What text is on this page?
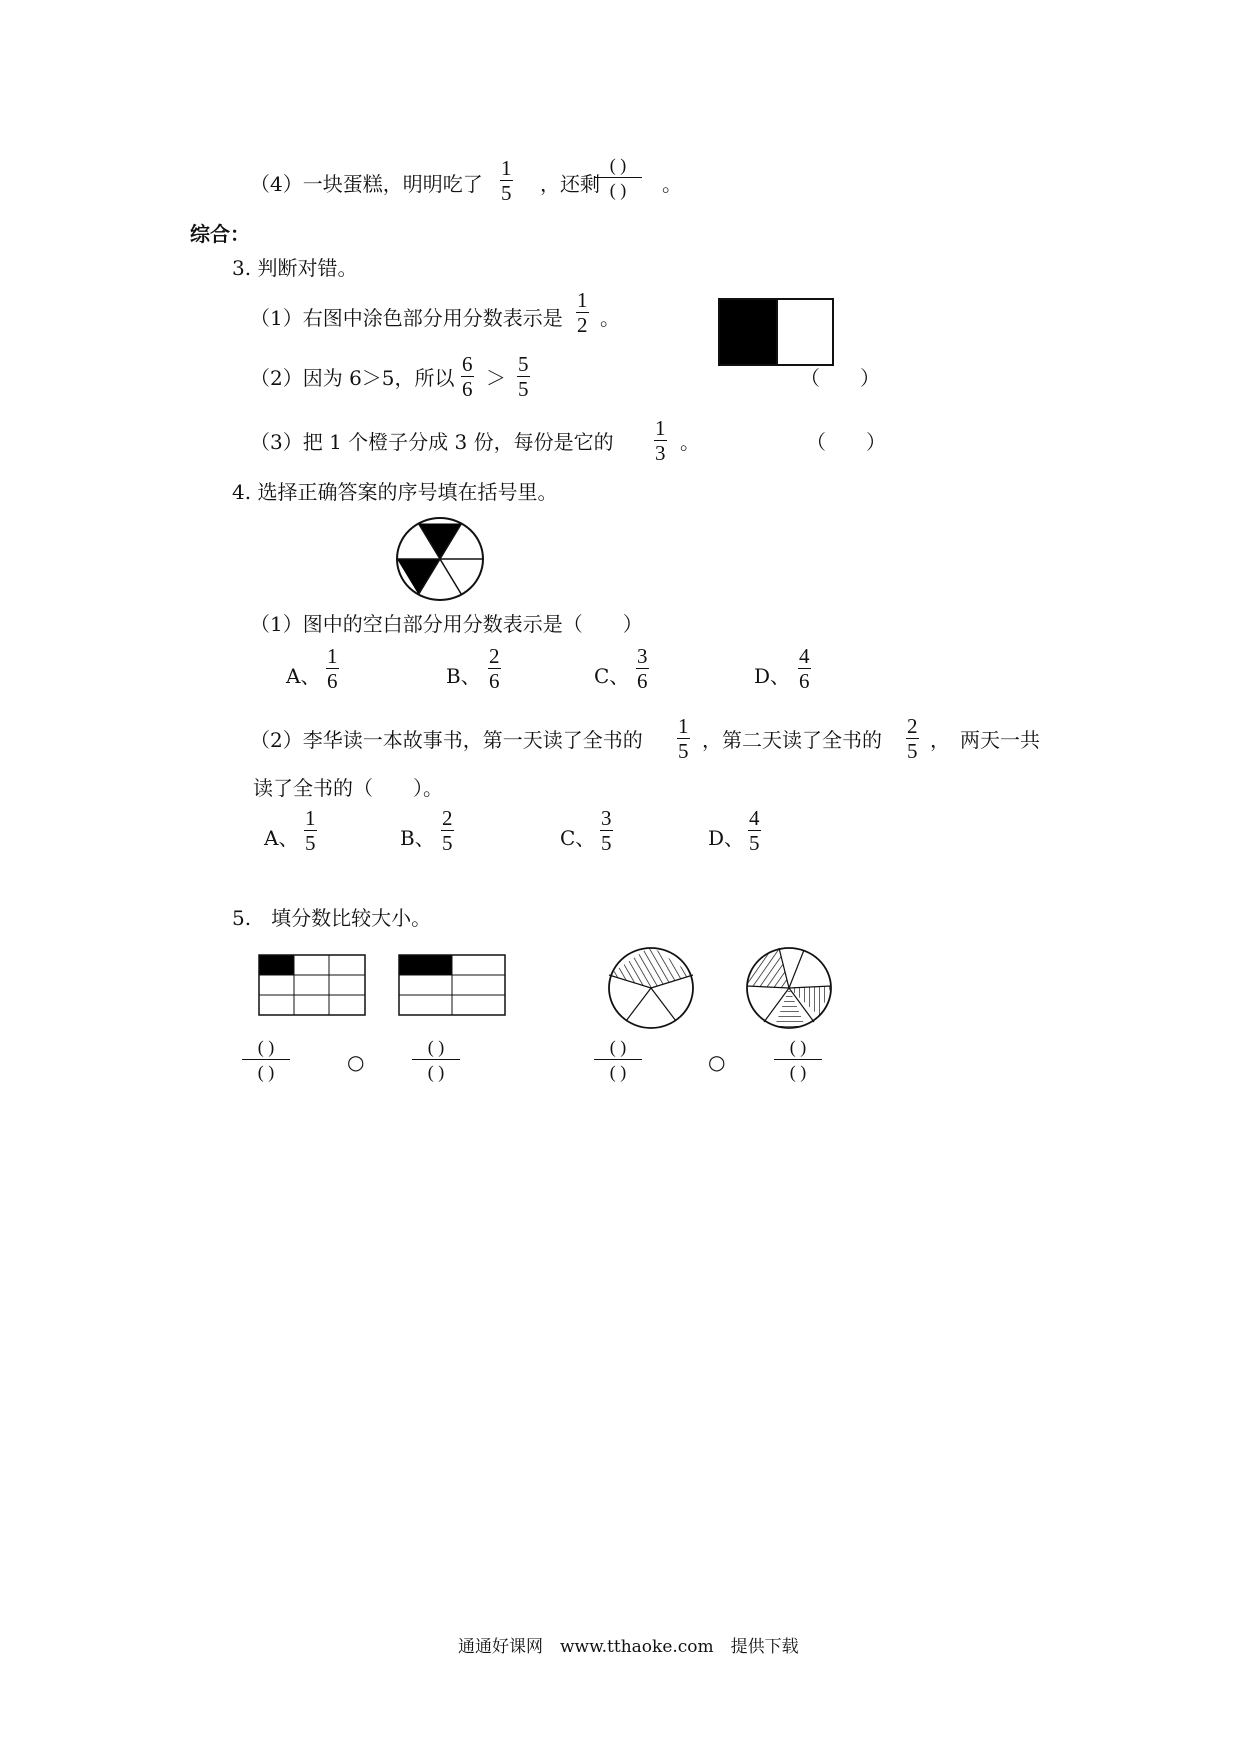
（4）一块蛋糕，明明吃了
1
5 ，还剩
( )
( ) 。
综合：
3. 判断对错。
（1）右图中涂色部分用分数表示是
1
2 。
（2）因为 6＞5，所以
6
6 ＞
5
5	（　　）
（3）把 1 个橙子分成 3 份，每份是它的
1
3 。	（　　）
4. 选择正确答案的序号填在括号里。
（1）图中的空白部分用分数表示是（　　）
A、
1
6	B、
2
6	C、
3
6	D、
4
6
（2）李华读一本故事书，第一天读了全书的
1
5 ，第二天读了全书的
2
5 ，　两天一共
读了全书的（　　）。
A、
1
5	B、
2
5	C、
3
5	D、
4
5
5.　填分数比较大小。
( )
( )	○
( )
( )
( )
( )	○
( )
( )
通通好课网　www.tthaoke.com　提供下载
